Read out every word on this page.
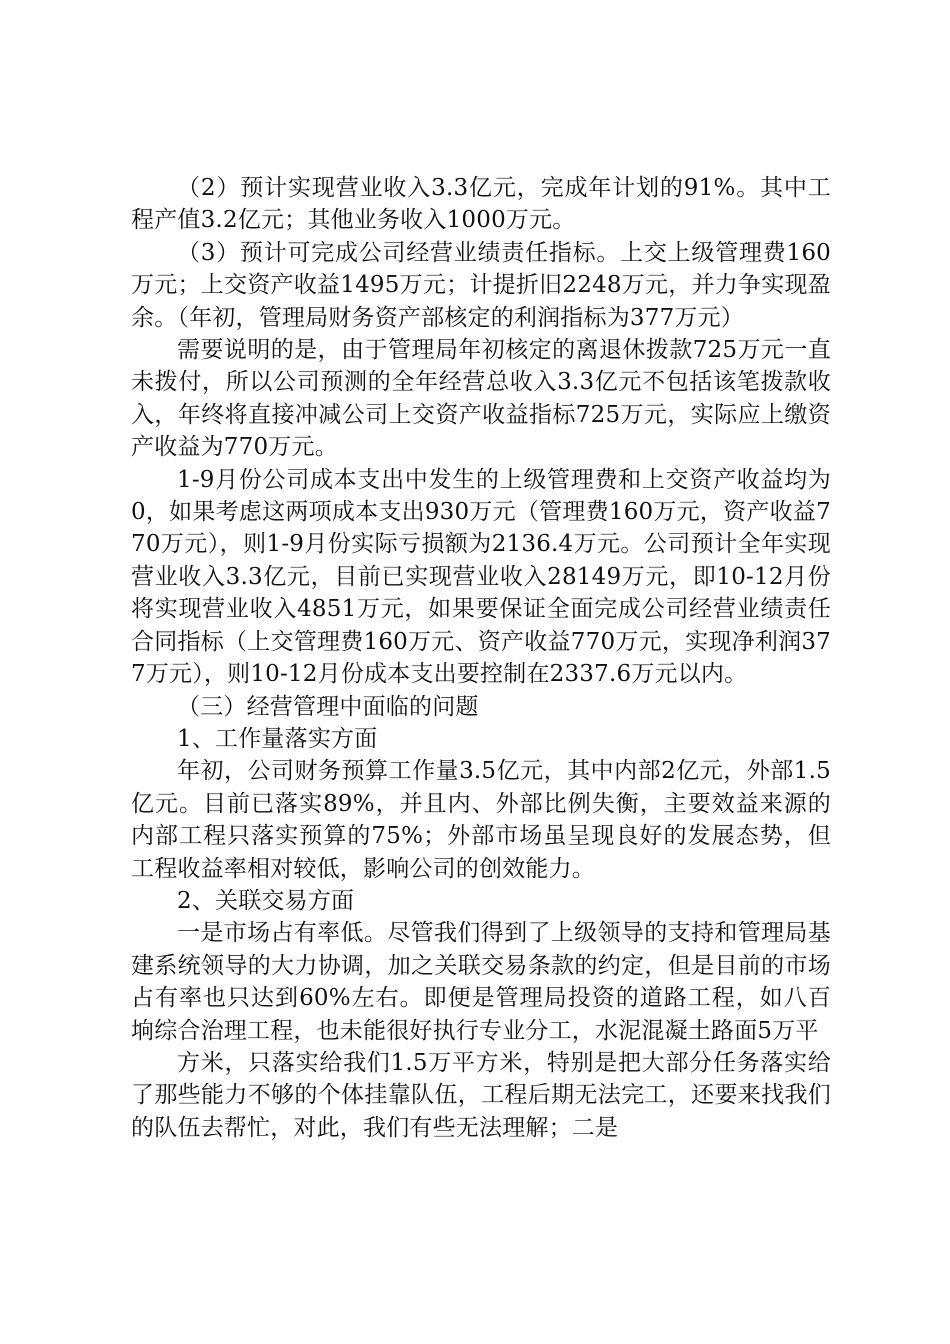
（2）预计实现营业收入3.3亿元，完成年计划的91%。其中工程产值3.2亿元；其他业务收入1000万元。

（3）预计可完成公司经营业绩责任指标。上交上级管理费160万元；上交资产收益1495万元；计提折旧2248万元，并力争实现盈余。（年初，管理局财务资产部核定的利润指标为377万元）

需要说明的是，由于管理局年初核定的离退休拨款725万元一直未拨付，所以公司预测的全年经营总收入3.3亿元不包括该笔拨款收入，年终将直接冲减公司上交资产收益指标725万元，实际应上缴资产收益为770万元。

1-9月份公司成本支出中发生的上级管理费和上交资产收益均为0，如果考虑这两项成本支出930万元（管理费160万元，资产收益770万元），则1-9月份实际亏损额为2136.4万元。公司预计全年实现营业收入3.3亿元，目前已实现营业收入28149万元，即10-12月份将实现营业收入4851万元，如果要保证全面完成公司经营业绩责任合同指标（上交管理费160万元、资产收益770万元，实现净利润377万元），则10-12月份成本支出要控制在2337.6万元以内。

（三）经营管理中面临的问题

1、工作量落实方面

年初，公司财务预算工作量3.5亿元，其中内部2亿元，外部1.5亿元。目前已落实89%，并且内、外部比例失衡，主要效益来源的内部工程只落实预算的75%；外部市场虽呈现良好的发展态势，但工程收益率相对较低，影响公司的创效能力。

2、关联交易方面

一是市场占有率低。尽管我们得到了上级领导的支持和管理局基建系统领导的大力协调，加之关联交易条款的约定，但是目前的市场占有率也只达到60%左右。即便是管理局投资的道路工程，如八百垧综合治理工程，也未能很好执行专业分工，水泥混凝土路面5万平

方米，只落实给我们1.5万平方米，特别是把大部分任务落实给了那些能力不够的个体挂靠队伍，工程后期无法完工，还要来找我们的队伍去帮忙，对此，我们有些无法理解；二是
